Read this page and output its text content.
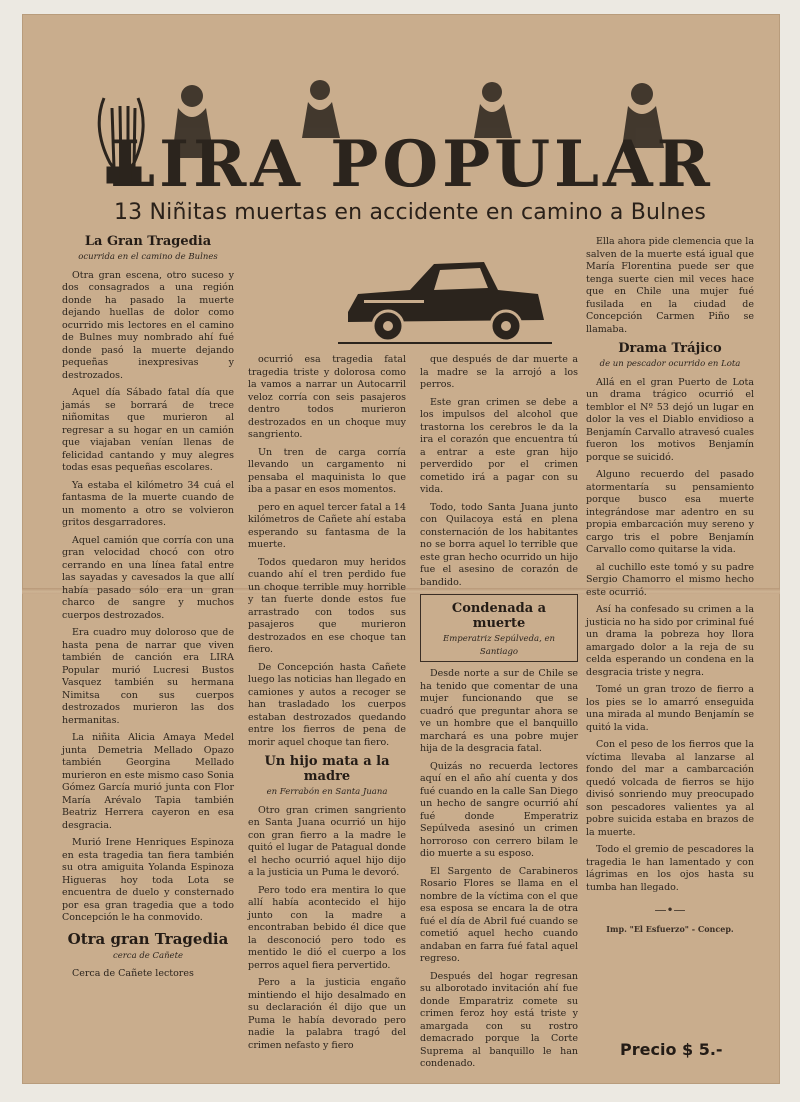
LIRA POPULAR
13 Niñitas muertas en accidente en camino a Bulnes
La Gran Tragedia
ocurrida en el camino de Bulnes

Otra gran escena, otro suceso y dos consagrados a una región donde ha pasado la muerte dejando huellas de dolor como ocurrido mis lectores en el camino de Bulnes muy nombrado ahí fué donde pasó la muerte dejando pequeñas inexpresivas y destrozados.

Aquel día Sábado fatal día que jamás se borrará de trece niñomitas que murieron al regresar a su hogar en un camión que viajaban venían llenas de felicidad cantando y muy alegres todas esas pequeñas escolares.

Ya estaba el kilómetro 34 cuá el fantasma de la muerte cuando de un momento a otro se volvieron gritos desgarradores.

Aquel camión que corría con una gran velocidad chocó con otro cerrando en una línea fatal entre las sayadas y cavesados la que allí había pasado sólo era un gran charco de sangre y muchos cuerpos destrozados.

Era cuadro muy doloroso que de hasta pena de narrar que viven también de canción era LIRA Popular murió Lucresi Bustos Vasquez también su hermana Nimitsa con sus cuerpos destrozados murieron las dos hermanitas.

La niñita Alicia Amaya Medel junta Demetria Mellado Opazo también Georgina Mellado murieron en este mismo caso Sonia Gómez García murió junta con Flor María Arévalo Tapia también Beatriz Herrera cayeron en esa desgracia.

Murió Irene Henriques Espinoza en esta tragedia tan fiera también su otra amiguita Yolanda Espinoza Higueras hoy toda Lota se encuentra de duelo y consternado por esa gran tragedia que a todo Concepción le ha conmovido.

Otra gran Tragedia
cerca de Cañete

Cerca de Cañete lectores

ocurrió esa tragedia fatal tragedia triste y dolorosa como la vamos a narrar un Autocarril veloz corría con seis pasajeros dentro todos murieron destrozados en un choque muy sangriento.

Un tren de carga corría llevando un cargamento ni pensaba el maquinista lo que iba a pasar en esos momentos.

pero en aquel tercer fatal a 14 kilómetros de Cañete ahí estaba esperando su fantasma de la muerte.

Todos quedaron muy heridos cuando ahí el tren perdido fue un choque terrible muy horrible y tan fuerte donde estos fue arrastrado con todos sus pasajeros que murieron destrozados en ese choque tan fiero.

De Concepción hasta Cañete luego las noticias han llegado en camiones y autos a recoger se han trasladado los cuerpos estaban destrozados quedando entre los fierros de pena de morir aquel choque tan fiero.

Un hijo mata a la madre
en Ferrabón en Santa Juana

Otro gran crimen sangriento en Santa Juana ocurrió un hijo con gran fierro a la madre le quitó el lugar de Patagual donde el hecho ocurrió aquel hijo dijo a la justicia un Puma le devoró.

Pero todo era mentira lo que allí había acontecido el hijo junto con la madre a encontraban bebido él dice que la desconoció pero todo es mentido le dió el cuerpo a los perros aquel fiera pervertido.

Pero a la justicia engaño mintiendo el hijo desalmado en su declaración él dijo que un Puma le había devorado pero nadie la palabra tragó del crimen nefasto y fiero

que después de dar muerte a la madre se la arrojó a los perros.

Este gran crimen se debe a los impulsos del alcohol que trastorna los cerebros le da la ira el corazón que encuentra tú a entrar a este gran hijo perverdido por el crimen cometido irá a pagar con su vida.

Todo, todo Santa Juana junto con Quilacoya está en plena consternación de los habitantes no se borra aquel lo terrible que este gran hecho ocurrido un hijo fue el asesino de corazón de bandido.

Condenada a muerte
Emperatriz Sepúlveda, en Santiago

Desde norte a sur de Chile se ha tenido que comentar de una mujer funcionando que se cuadró que preguntar ahora se ve un hombre que el banquillo marchará es una pobre mujer hija de la desgracia fatal.

Quizás no recuerda lectores aquí en el año ahí cuenta y dos fué cuando en la calle San Diego un hecho de sangre ocurrió ahí fué donde Emperatriz Sepúlveda asesinó un crimen horroroso con cerrero bilam le dio muerte a su esposo.

El Sargento de Carabineros Rosario Flores se llama en el nombre de la víctima con el que esa esposa se encara la de otra fué el día de Abril fué cuando se cometió aquel hecho cuando andaban en farra fué fatal aquel regreso.

Después del hogar regresan su alborotado invitación ahí fue donde Emparatriz comete su crimen feroz hoy está triste y amargada con su rostro demacrado porque la Corte Suprema al banquillo le han condenado.

Ella ahora pide clemencia que la salven de la muerte está igual que María Florentina puede ser que tenga suerte cien mil veces hace que en Chile una mujer fué fusilada en la ciudad de Concepción Carmen Piño se llamaba.

Drama Trájico
de un pescador ocurrido en Lota

Allá en el gran Puerto de Lota un drama trágico ocurrió el temblor el Nº 53 dejó un lugar en dolor la ves el Diablo envidioso a Benjamín Carvallo atravesó cuales fueron los motivos Benjamín porque se suicidó.

Alguno recuerdo del pasado atormentaría su pensamiento porque busco esa muerte integrándose mar adentro en su propia embarcación muy sereno y cargo tris el pobre Benjamín Carvallo como quitarse la vida.

al cuchillo este tomó y su padre Sergio Chamorro el mismo hecho este ocurrió.

Así ha confesado su crimen a la justicia no ha sido por criminal fué un drama la pobreza hoy llora amargado dolor a la reja de su celda esperando un condena en la desgracia triste y negra.

Tomé un gran trozo de fierro a los pies se lo amarró enseguida una mirada al mundo Benjamín se quitó la vida.

Con el peso de los fierros que la víctima llevaba al lanzarse al fondo del mar a cambarcación quedó volcada de fierros se hijo divisó sonriendo muy preocupado son pescadores valientes ya al pobre suicida estaba en brazos de la muerte.

Todo el gremio de pescadores la tragedia le han lamentado y con lágrimas en los ojos hasta su tumba han llegado.

—•—
Imp. "El Esfuerzo" - Concep.
Precio $ 5.-
